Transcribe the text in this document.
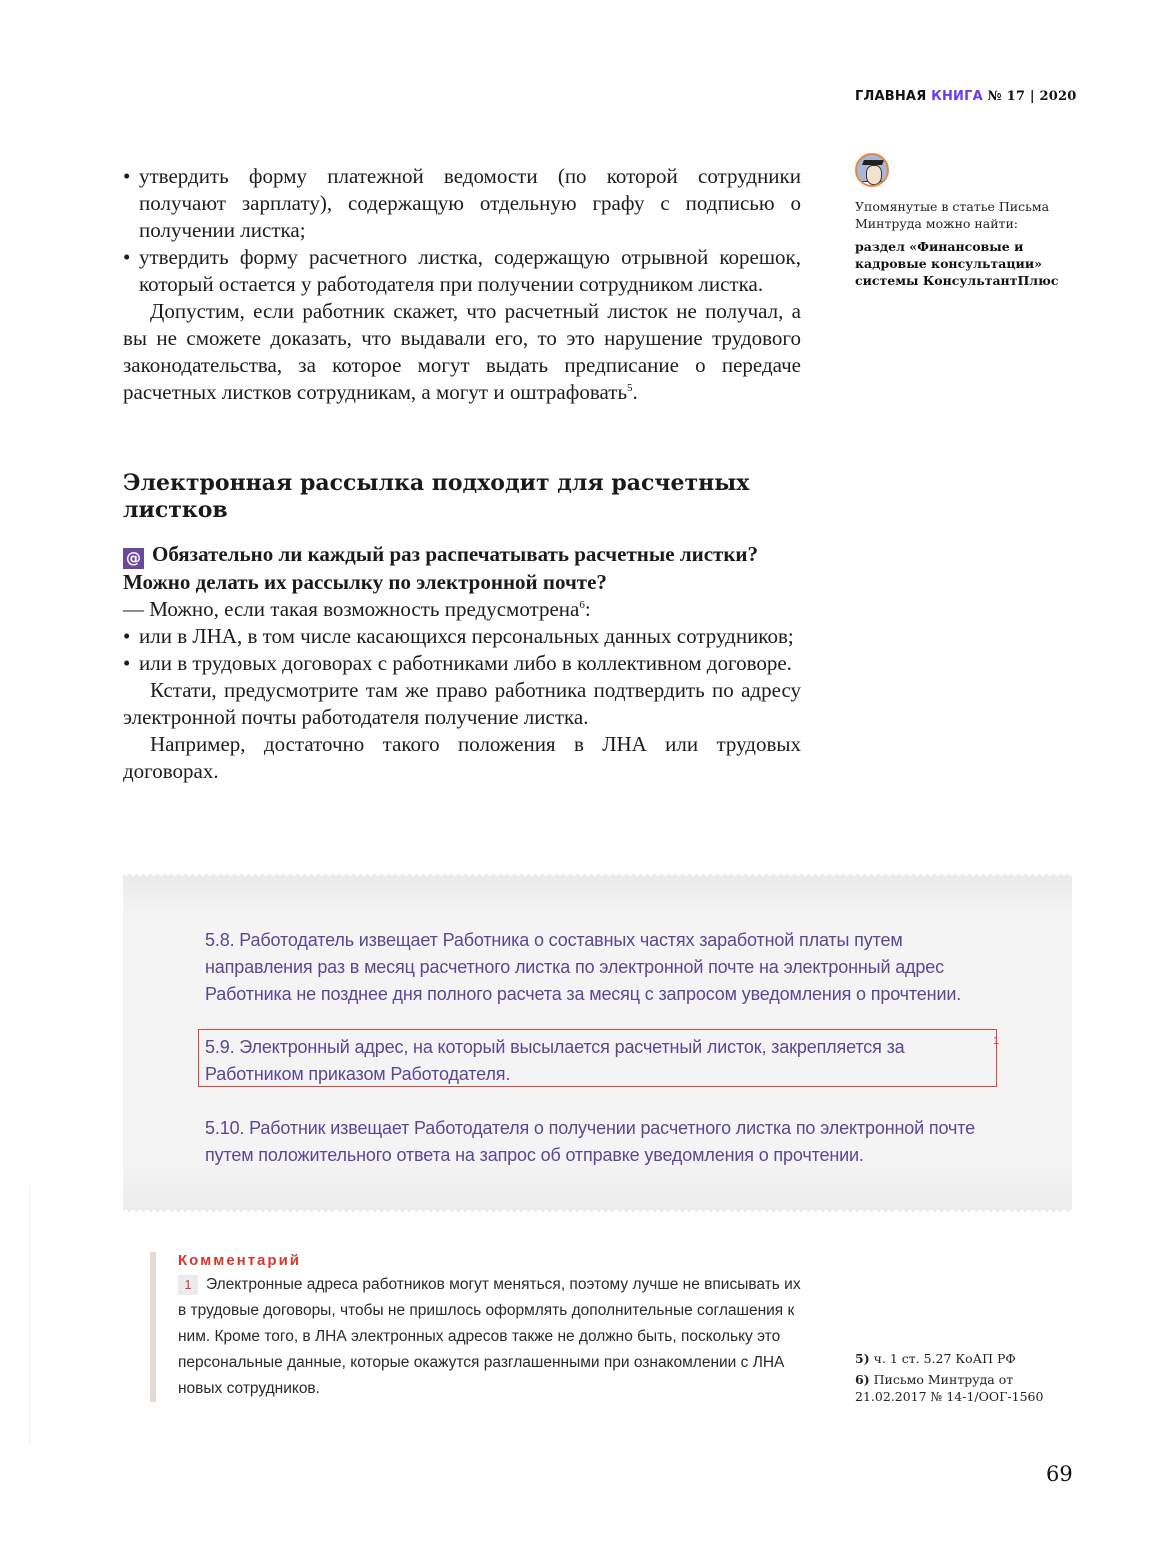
ГЛАВНАЯ КНИГА № 17 | 2020
• утвердить форму платежной ведомости (по которой сотрудники получают зарплату), содержащую отдельную графу с подписью о получении листка;
• утвердить форму расчетного листка, содержащую отрывной корешок, который остается у работодателя при получении сотрудником листка.
Допустим, если работник скажет, что расчетный листок не получал, а вы не сможете доказать, что выдавали его, то это нарушение трудового законодательства, за которое могут выдать предписание о передаче расчетных листков сотрудникам, а могут и оштрафовать$^5$.
Электронная рассылка подходит для расчетных листков
@ Обязательно ли каждый раз распечатывать расчетные листки? Можно делать их рассылку по электронной почте?
— Можно, если такая возможность предусмотрена$^6$:
• или в ЛНА, в том числе касающихся персональных данных сотрудников;
• или в трудовых договорах с работниками либо в коллективном договоре.
Кстати, предусмотрите там же право работника подтвердить по адресу электронной почты работодателя получение листка.
Например, достаточно такого положения в ЛНА или трудовых договорах.
Упомянутые в статье Письма Минтруда можно найти:
раздел «Финансовые и кадровые консультации» системы КонсультантПлюс
5.8. Работодатель извещает Работника о составных частях заработной платы путем направления раз в месяц расчетного листка по электронной почте на электронный адрес Работника не позднее дня полного расчета за месяц с запросом уведомления о прочтении.
5.9. Электронный адрес, на который высылается расчетный листок, закрепляется за Работником приказом Работодателя.
1
5.10. Работник извещает Работодателя о получении расчетного листка по электронной почте путем положительного ответа на запрос об отправке уведомления о прочтении.
Комментарий
1 Электронные адреса работников могут меняться, поэтому лучше не вписывать их в трудовые договоры, чтобы не пришлось оформлять дополнительные соглашения к ним. Кроме того, в ЛНА электронных адресов также не должно быть, поскольку это персональные данные, которые окажутся разглашенными при ознакомлении с ЛНА новых сотрудников.
5) ч. 1 ст. 5.27 КоАП РФ
6) Письмо Минтруда от 21.02.2017 № 14-1/ООГ-1560
69
